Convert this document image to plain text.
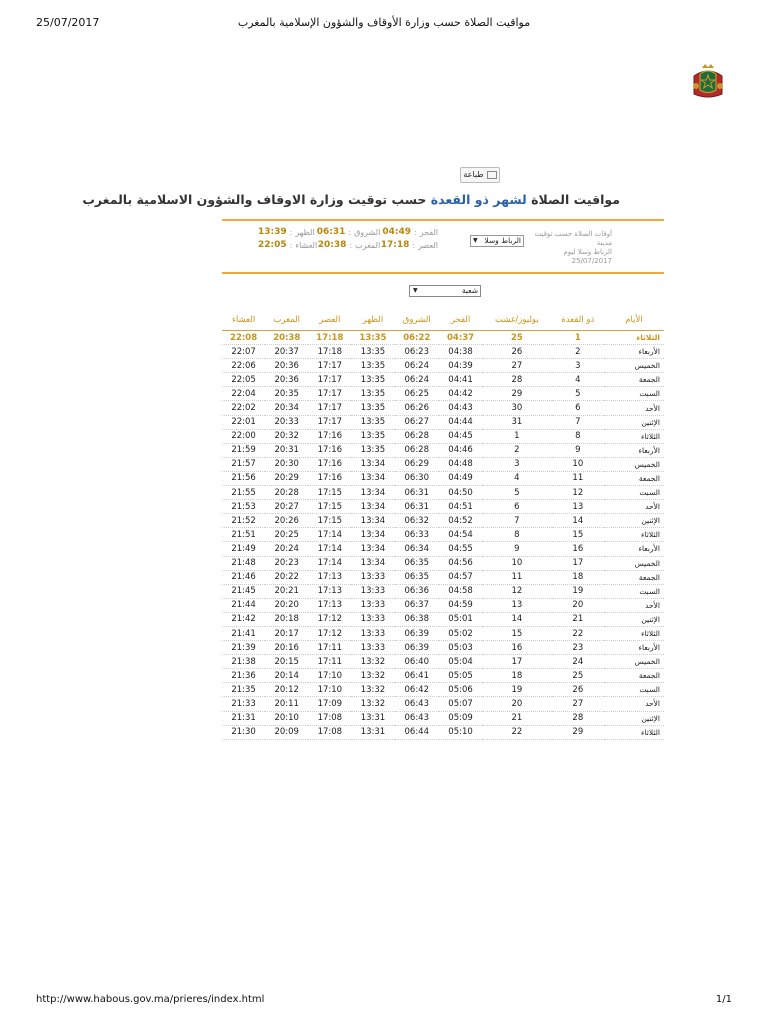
25/07/2017	مواقيت الصلاة حسب وزارة الأوقاف والشؤون الإسلامية بالمغرب
طباعة
مواقيت الصلاة لشهر ذو القعدة حسب توقيت وزارة الاوقاف والشؤون الاسلامية بالمغرب
أوقات الصلاة حسب توقيت مدينة
الرباط وسلا ليوم 25/07/2017
الرباط وسلا
▼
الفجر
:
04:49
الشروق
:
06:31
الظهر
:
13:39
العصر
:
17:18
المغرب
:
20:38
العشاء
:
22:05
شعبة
▼
الأيام	ذو القعدة	يوليوز/غشت	الفجر	الشروق	الظهر	العصر	المغرب	العشاء
الثلاثاء	1	25	04:37	06:22	13:35	17:18	20:38	22:08
الأربعاء	2	26	04:38	06:23	13:35	17:18	20:37	22:07
الخميس	3	27	04:39	06:24	13:35	17:17	20:36	22:06
الجمعة	4	28	04:41	06:24	13:35	17:17	20:36	22:05
السبت	5	29	04:42	06:25	13:35	17:17	20:35	22:04
الأحد	6	30	04:43	06:26	13:35	17:17	20:34	22:02
الإثنين	7	31	04:44	06:27	13:35	17:17	20:33	22:01
الثلاثاء	8	1	04:45	06:28	13:35	17:16	20:32	22:00
الأربعاء	9	2	04:46	06:28	13:35	17:16	20:31	21:59
الخميس	10	3	04:48	06:29	13:34	17:16	20:30	21:57
الجمعة	11	4	04:49	06:30	13:34	17:16	20:29	21:56
السبت	12	5	04:50	06:31	13:34	17:15	20:28	21:55
الأحد	13	6	04:51	06:31	13:34	17:15	20:27	21:53
الإثنين	14	7	04:52	06:32	13:34	17:15	20:26	21:52
الثلاثاء	15	8	04:54	06:33	13:34	17:14	20:25	21:51
الأربعاء	16	9	04:55	06:34	13:34	17:14	20:24	21:49
الخميس	17	10	04:56	06:35	13:34	17:14	20:23	21:48
الجمعة	18	11	04:57	06:35	13:33	17:13	20:22	21:46
السبت	19	12	04:58	06:36	13:33	17:13	20:21	21:45
الأحد	20	13	04:59	06:37	13:33	17:13	20:20	21:44
الإثنين	21	14	05:01	06:38	13:33	17:12	20:18	21:42
الثلاثاء	22	15	05:02	06:39	13:33	17:12	20:17	21:41
الأربعاء	23	16	05:03	06:39	13:33	17:11	20:16	21:39
الخميس	24	17	05:04	06:40	13:32	17:11	20:15	21:38
الجمعة	25	18	05:05	06:41	13:32	17:10	20:14	21:36
السبت	26	19	05:06	06:42	13:32	17:10	20:12	21:35
الأحد	27	20	05:07	06:43	13:32	17:09	20:11	21:33
الإثنين	28	21	05:09	06:43	13:31	17:08	20:10	21:31
الثلاثاء	29	22	05:10	06:44	13:31	17:08	20:09	21:30
http://www.habous.gov.ma/prieres/index.html	1/1
